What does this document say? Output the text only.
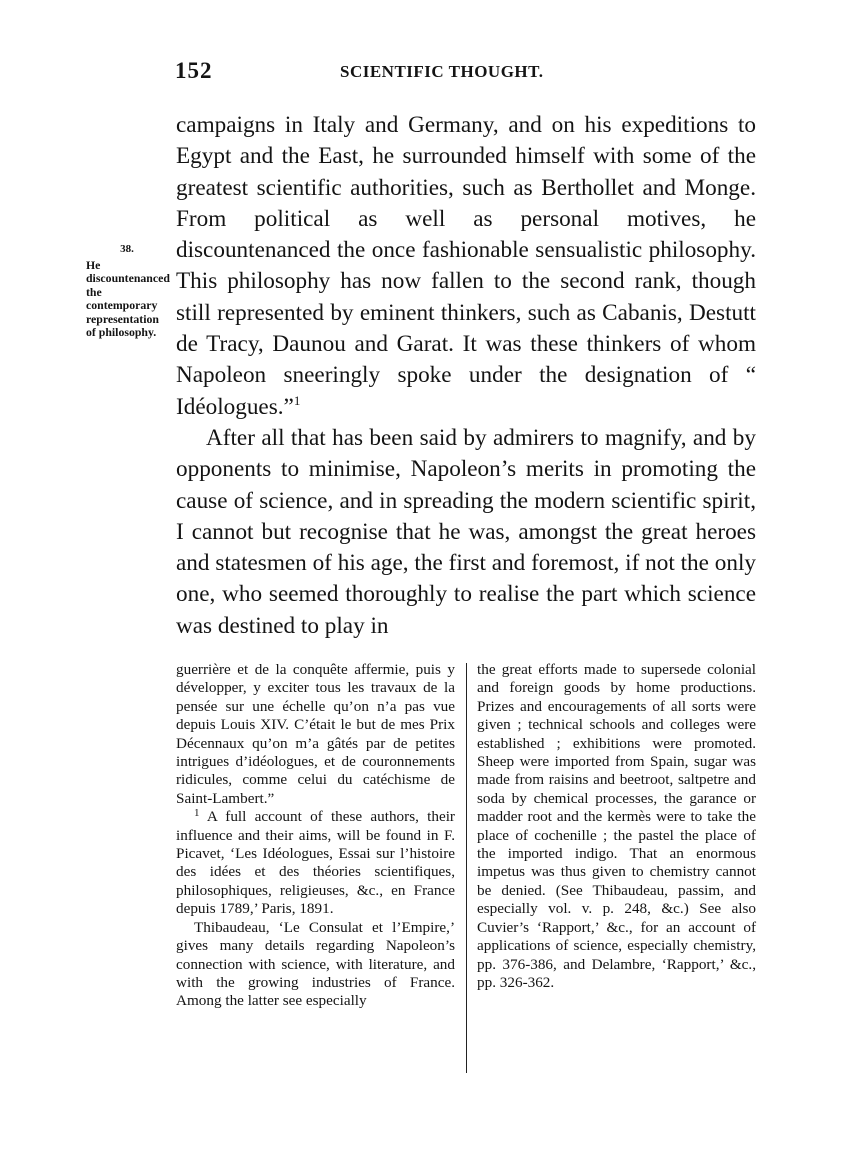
152	SCIENTIFIC THOUGHT.
38.
He discountenanced the contemporary representation of philosophy.

campaigns in Italy and Germany, and on his expeditions to Egypt and the East, he surrounded himself with some of the greatest scientific authorities, such as Berthollet and Monge. From political as well as personal motives, he discountenanced the once fashionable sensualistic philosophy. This philosophy has now fallen to the second rank, though still represented by eminent thinkers, such as Cabanis, Destutt de Tracy, Daunou and Garat. It was these thinkers of whom Napoleon sneeringly spoke under the designation of “ Idéologues.”$^1$

After all that has been said by admirers to magnify, and by opponents to minimise, Napoleon’s merits in promoting the cause of science, and in spreading the modern scientific spirit, I cannot but recognise that he was, amongst the great heroes and statesmen of his age, the first and foremost, if not the only one, who seemed thoroughly to realise the part which science was destined to play in

guerrière et de la conquête affermie, puis y développer, y exciter tous les travaux de la pensée sur une échelle qu’on n’a pas vue depuis Louis XIV. C’était le but de mes Prix Décennaux qu’on m’a gâtés par de petites intrigues d’idéologues, et de couronnements ridicules, comme celui du catéchisme de Saint-Lambert.”

$^1$ A full account of these authors, their influence and their aims, will be found in F. Picavet, ‘Les Idéologues, Essai sur l’histoire des idées et des théories scientifiques, philosophiques, religieuses, &c., en France depuis 1789,’ Paris, 1891.

Thibaudeau, ‘Le Consulat et l’Empire,’ gives many details regarding Napoleon’s connection with science, with literature, and with the growing industries of France. Among the latter see especially

the great efforts made to supersede colonial and foreign goods by home productions. Prizes and encouragements of all sorts were given ; technical schools and colleges were established ; exhibitions were promoted. Sheep were imported from Spain, sugar was made from raisins and beetroot, saltpetre and soda by chemical processes, the garance or madder root and the kermès were to take the place of cochenille ; the pastel the place of the imported indigo. That an enormous impetus was thus given to chemistry cannot be denied. (See Thibaudeau, passim, and especially vol. v. p. 248, &c.) See also Cuvier’s ‘Rapport,’ &c., for an account of applications of science, especially chemistry, pp. 376-386, and Delambre, ‘Rapport,’ &c., pp. 326-362.
